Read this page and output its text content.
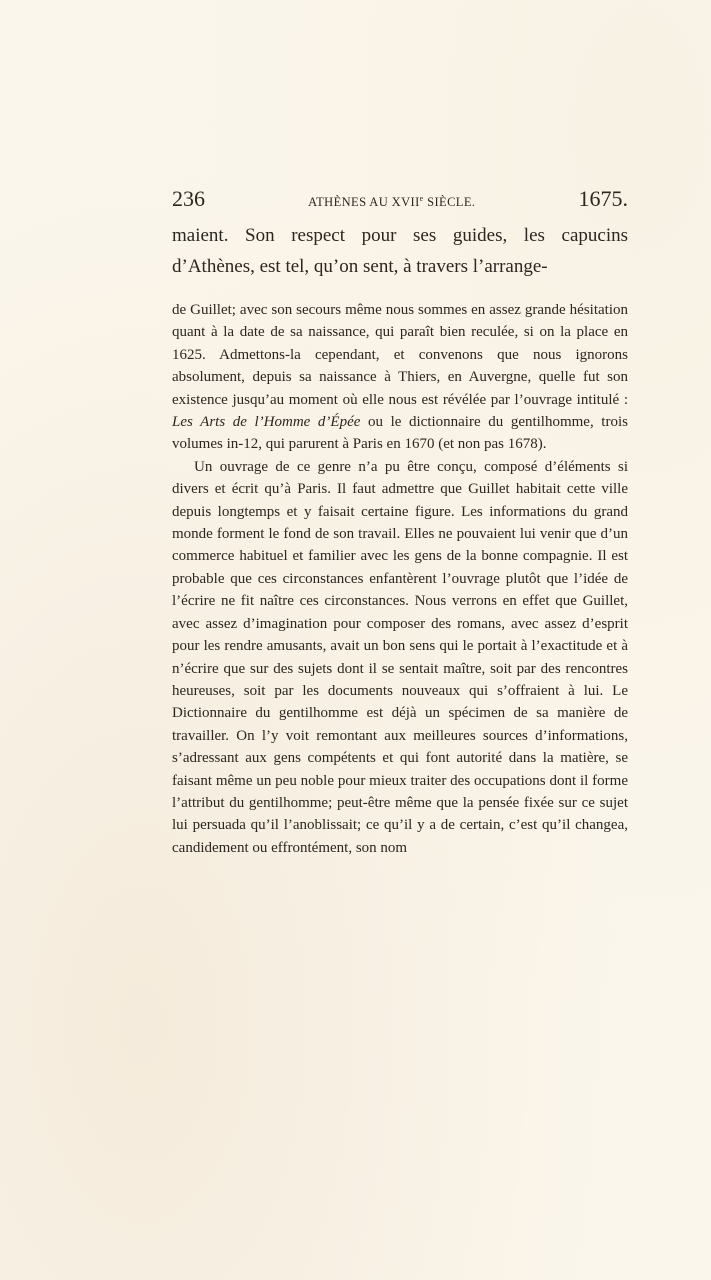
236	ATHÈNES AU XVIIe SIÈCLE.	1675.

maient. Son respect pour ses guides, les capucins d’Athènes, est tel, qu’on sent, à travers l’arrange-

de Guillet; avec son secours même nous sommes en assez grande hésitation quant à la date de sa naissance, qui paraît bien reculée, si on la place en 1625. Admettons-la cependant, et convenons que nous ignorons absolument, depuis sa naissance à Thiers, en Auvergne, quelle fut son existence jusqu’au moment où elle nous est révélée par l’ouvrage intitulé : Les Arts de l’Homme d’Épée ou le dictionnaire du gentilhomme, trois volumes in-12, qui parurent à Paris en 1670 (et non pas 1678).

Un ouvrage de ce genre n’a pu être conçu, composé d’éléments si divers et écrit qu’à Paris. Il faut admettre que Guillet habitait cette ville depuis longtemps et y faisait certaine figure. Les informations du grand monde forment le fond de son travail. Elles ne pouvaient lui venir que d’un commerce habituel et familier avec les gens de la bonne compagnie. Il est probable que ces circonstances enfantèrent l’ouvrage plutôt que l’idée de l’écrire ne fit naître ces circonstances. Nous verrons en effet que Guillet, avec assez d’imagination pour composer des romans, avec assez d’esprit pour les rendre amusants, avait un bon sens qui le portait à l’exactitude et à n’écrire que sur des sujets dont il se sentait maître, soit par des rencontres heureuses, soit par les documents nouveaux qui s’offraient à lui. Le Dictionnaire du gentilhomme est déjà un spécimen de sa manière de travailler. On l’y voit remontant aux meilleures sources d’informations, s’adressant aux gens compétents et qui font autorité dans la matière, se faisant même un peu noble pour mieux traiter des occupations dont il forme l’attribut du gentilhomme; peut-être même que la pensée fixée sur ce sujet lui persuada qu’il l’anoblissait; ce qu’il y a de certain, c’est qu’il changea, candidement ou effrontément, son nom
